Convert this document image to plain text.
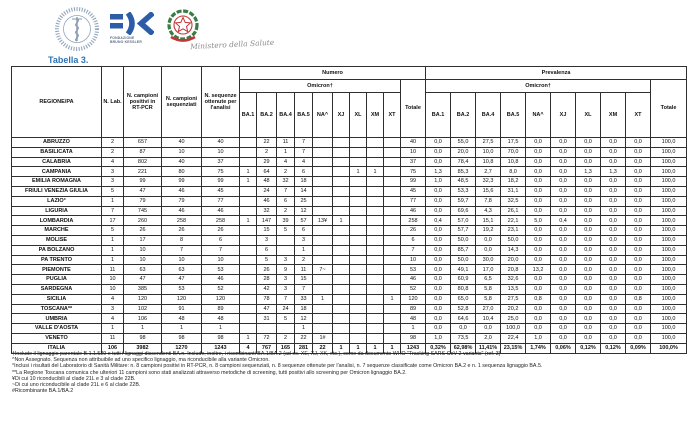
FONDAZIONE
BRUNO KESSLER	Ministero della Salute
Tabella 3.
REGIONE/PA	N. Lab.	N. campioni positivi in RT-PCR	N. campioni sequenziati	N. sequenze ottenute per l'analisi	Numero										Prevalenza									
					Omicron†									Totale	Omicron†									Totale
					BA.1	BA.2	BA.4	BA.5	NA^	XJ	XL	XM	XT		BA.1	BA.2	BA.4	BA.5	NA^	XJ	XL	XM	XT	
ABRUZZO	2	657	40	40		22	11	7						40	0,0	55,0	27,5	17,5	0,0	0,0	0,0	0,0	0,0	100,0
BASILICATA	2	87	10	10		2	1	7						10	0,0	20,0	10,0	70,0	0,0	0,0	0,0	0,0	0,0	100,0
CALABRIA	4	802	40	37		29	4	4						37	0,0	78,4	10,8	10,8	0,0	0,0	0,0	0,0	0,0	100,0
CAMPANIA	3	221	80	75	1	64	2	6			1	1		75	1,3	85,3	2,7	8,0	0,0	0,0	1,3	1,3	0,0	100,0
EMILIA ROMAGNA	3	99	99	99	1	48	32	18						99	1,0	48,5	32,3	18,2	0,0	0,0	0,0	0,0	0,0	100,0
FRIULI VENEZIA GIULIA	5	47	46	45		24	7	14						45	0,0	53,3	15,6	31,1	0,0	0,0	0,0	0,0	0,0	100,0
LAZIO°	1	79	79	77		46	6	25						77	0,0	59,7	7,8	32,5	0,0	0,0	0,0	0,0	0,0	100,0
LIGURIA	7	745	46	46		32	2	12						46	0,0	69,6	4,3	26,1	0,0	0,0	0,0	0,0	0,0	100,0
LOMBARDIA	17	260	258	258	1	147	39	57	13¥	1				258	0,4	57,0	15,1	22,1	5,0	0,4	0,0	0,0	0,0	100,0
MARCHE	5	26	26	26		15	5	6						26	0,0	57,7	19,2	23,1	0,0	0,0	0,0	0,0	0,0	100,0
MOLISE	1	17	8	6		3		3						6	0,0	50,0	0,0	50,0	0,0	0,0	0,0	0,0	0,0	100,0
PA BOLZANO	1	10	7	7		6		1						7	0,0	85,7	0,0	14,3	0,0	0,0	0,0	0,0	0,0	100,0
PA TRENTO	1	10	10	10		5	3	2						10	0,0	50,0	30,0	20,0	0,0	0,0	0,0	0,0	0,0	100,0
PIEMONTE	11	63	63	53		26	9	11	7~					53	0,0	49,1	17,0	20,8	13,2	0,0	0,0	0,0	0,0	100,0
PUGLIA	10	47	47	46		28	3	15						46	0,0	60,9	6,5	32,6	0,0	0,0	0,0	0,0	0,0	100,0
SARDEGNA	10	385	53	52		42	3	7						52	0,0	80,8	5,8	13,5	0,0	0,0	0,0	0,0	0,0	100,0
SICILIA	4	120	120	120		78	7	33	1				1	120	0,0	65,0	5,8	27,5	0,8	0,0	0,0	0,0	0,8	100,0
TOSCANA**	3	102	91	89		47	24	18						89	0,0	52,8	27,0	20,2	0,0	0,0	0,0	0,0	0,0	100,0
UMBRIA	4	106	48	48		31	5	12						48	0,0	64,6	10,4	25,0	0,0	0,0	0,0	0,0	0,0	100,0
VALLE D'AOSTA	1	1	1	1				1						1	0,0	0,0	0,0	100,0	0,0	0,0	0,0	0,0	0,0	100,0
VENETO	11	98	98	98	1	72	2	22	1#					98	1,0	73,5	2,0	22,4	1,0	0,0	0,0	0,0	0,0	100,0
ITALIA	106	3982	1270	1243	4	767	165	281	22	1	1	1	1	1243	0,32%	62,98%	11,41%	23,15%	1,74%	0,06%	0,12%	0,12%	0,09%	100,0%
†Include il lignaggio parentale B.1.1.529 e tutti i lignaggi discendenti BA.n. Include, inoltre, i ricombinanti BA.1/BA.2 (ad es. XE, XJ, XK, etc.), come da documento WHO "Tracking SARS-CoV-2 variants" (ref. 3)
^Non Assegnato. Sequenza non attribuibile ad uno specifico lignaggio, ma riconducibile alla variante Omicron.
°Inclusi i risultati del Laboratorio di Sanità Militare: n. 8 campioni positivi in RT-PCR, n. 8 campioni sequenziati, n. 8 sequenze ottenute per l'analisi, n. 7 sequenze classificate come Omicron BA.2 e n. 1 sequenza lignaggio BA.5.
**La Regione Toscana comunica che ulteriori 11 campioni sono stati analizzati attraverso metodiche di screening, tutti positivi allo screening per Omicron lignaggio BA.2.
¥Di cui 10 riconducibili al clade 21L e 3 al clade 22B.
~Di cui uno riconducibile al clade 21L e 6 al clade 22B.
#Ricombinante BA.1/BA.2
